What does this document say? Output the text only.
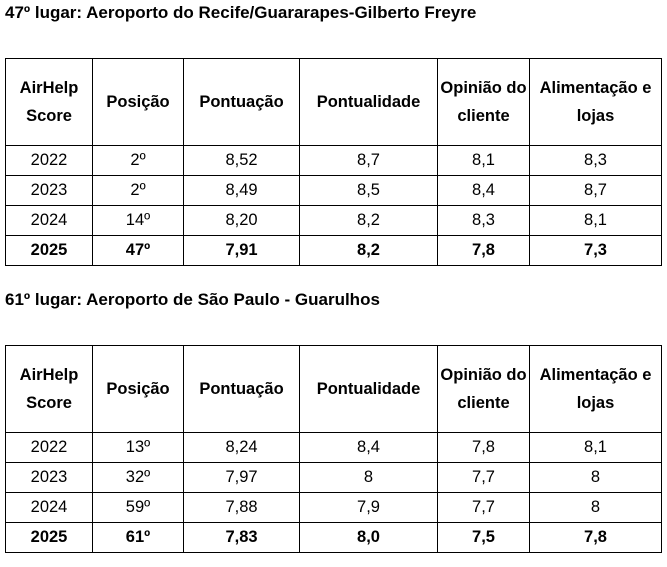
47º lugar: Aeroporto do Recife/Guararapes-Gilberto Freyre
AirHelp Score	Posição	Pontuação	Pontualidade	Opinião do cliente	Alimentação e lojas
2022	2º	8,52	8,7	8,1	8,3
2023	2º	8,49	8,5	8,4	8,7
2024	14º	8,20	8,2	8,3	8,1
2025	47º	7,91	8,2	7,8	7,3
61º lugar: Aeroporto de São Paulo - Guarulhos
AirHelp Score	Posição	Pontuação	Pontualidade	Opinião do cliente	Alimentação e lojas
2022	13º	8,24	8,4	7,8	8,1
2023	32º	7,97	8	7,7	8
2024	59º	7,88	7,9	7,7	8
2025	61º	7,83	8,0	7,5	7,8
